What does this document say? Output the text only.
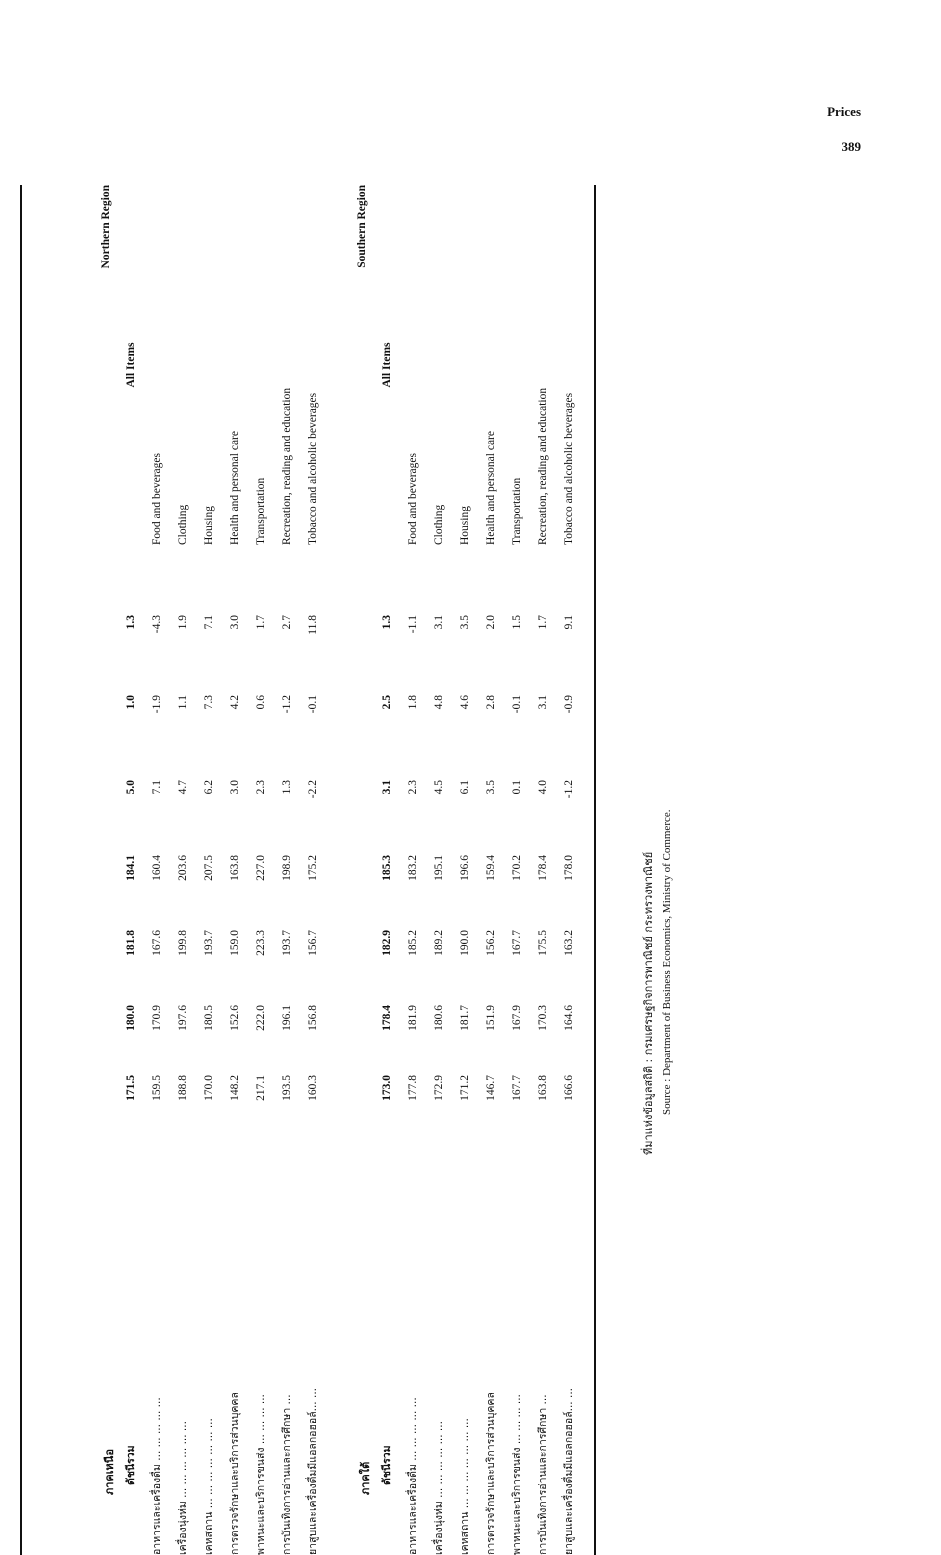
Prices
389
ภาคเหนือ
Northern Region
ดัชนีรวม
171.5
180.0
181.8
184.1
5.0
1.0
1.3
All Items
อาหารและเครื่องดื่ม ... ... ... ... ...
159.5
170.9
167.6
160.4
7.1
-1.9
-4.3
Food and beverages
เครื่องนุ่งห่ม ... ... ... ... ... ...
188.8
197.6
199.8
203.6
4.7
1.1
1.9
Clothing
เคหสถาน ... ... ... ... ... ... ...
170.0
180.5
193.7
207.5
6.2
7.3
7.1
Housing
การตรวจรักษาและบริการส่วนบุคคล
148.2
152.6
159.0
163.8
3.0
4.2
3.0
Health and personal care
พาหนะและบริการขนส่ง ... ... ... ...
217.1
222.0
223.3
227.0
2.3
0.6
1.7
Transportation
การบันเทิงการอ่านและการศึกษา ...
193.5
196.1
193.7
198.9
1.3
-1.2
2.7
Recreation, reading and education
ยาสูบและเครื่องดื่มมีแอลกอฮอล์... ...
160.3
156.8
156.7
175.2
-2.2
-0.1
11.8
Tobacco and alcoholic beverages
ภาคใต้
Southern Region
ดัชนีรวม
173.0
178.4
182.9
185.3
3.1
2.5
1.3
All Items
อาหารและเครื่องดื่ม ... ... ... ... ...
177.8
181.9
185.2
183.2
2.3
1.8
-1.1
Food and beverages
เครื่องนุ่งห่ม ... ... ... ... ... ...
172.9
180.6
189.2
195.1
4.5
4.8
3.1
Clothing
เคหสถาน ... ... ... ... ... ... ...
171.2
181.7
190.0
196.6
6.1
4.6
3.5
Housing
การตรวจรักษาและบริการส่วนบุคคล
146.7
151.9
156.2
159.4
3.5
2.8
2.0
Health and personal care
พาหนะและบริการขนส่ง ... ... ... ...
167.7
167.9
167.7
170.2
0.1
-0.1
1.5
Transportation
การบันเทิงการอ่านและการศึกษา ...
163.8
170.3
175.5
178.4
4.0
3.1
1.7
Recreation, reading and education
ยาสูบและเครื่องดื่มมีแอลกอฮอล์... ...
166.6
164.6
163.2
178.0
-1.2
-0.9
9.1
Tobacco and alcoholic beverages
ที่มาแห่งข้อมูลสถิติ : กรมเศรษฐกิจการพาณิชย์ กระทรวงพาณิชย์ Source : Department of Business Economics, Ministry of Commerce.
